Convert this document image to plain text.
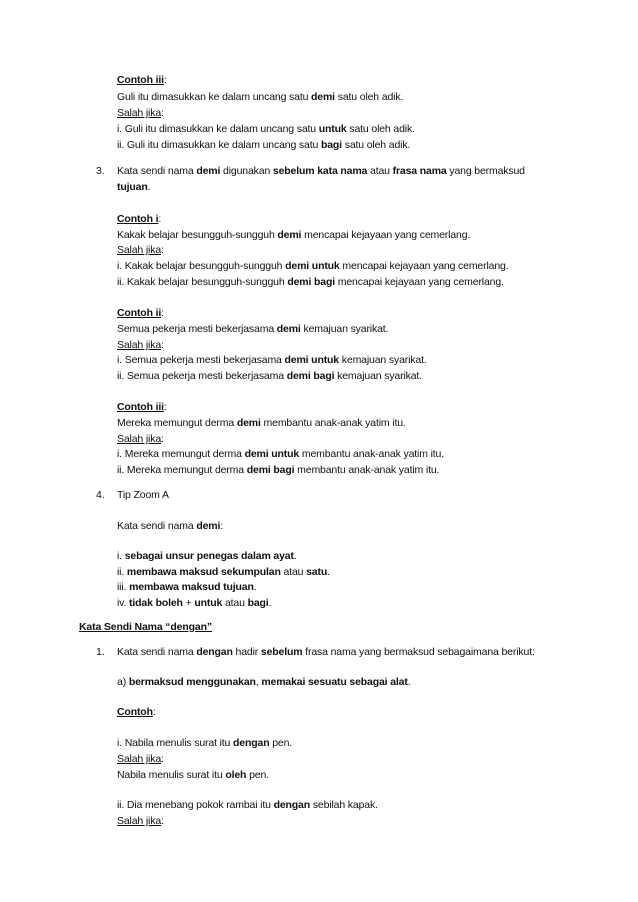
Contoh iii:
Guli itu dimasukkan ke dalam uncang satu demi satu oleh adik.
Salah jika:
i. Guli itu dimasukkan ke dalam uncang satu untuk satu oleh adik.
ii. Guli itu dimasukkan ke dalam uncang satu bagi satu oleh adik.
3. Kata sendi nama demi digunakan sebelum kata nama atau frasa nama yang bermaksud
tujuan.
Contoh i:
Kakak belajar besungguh-sungguh demi mencapai kejayaan yang cemerlang.
Salah jika:
i. Kakak belajar besungguh-sungguh demi untuk mencapai kejayaan yang cemerlang.
ii. Kakak belajar besungguh-sungguh demi bagi mencapai kejayaan yang cemerlang.
Contoh ii:
Semua pekerja mesti bekerjasama demi kemajuan syarikat.
Salah jika:
i. Semua pekerja mesti bekerjasama demi untuk kemajuan syarikat.
ii. Semua pekerja mesti bekerjasama demi bagi kemajuan syarikat.
Contoh iii:
Mereka memungut derma demi membantu anak-anak yatim itu.
Salah jika:
i. Mereka memungut derma demi untuk membantu anak-anak yatim itu.
ii. Mereka memungut derma demi bagi membantu anak-anak yatim itu.
4. Tip Zoom A
Kata sendi nama demi:
i. sebagai unsur penegas dalam ayat.
ii. membawa maksud sekumpulan atau satu.
iii. membawa maksud tujuan.
iv. tidak boleh + untuk atau bagi.
Kata Sendi Nama “dengan”
1. Kata sendi nama dengan hadir sebelum frasa nama yang bermaksud sebagaimana berikut:
a) bermaksud menggunakan, memakai sesuatu sebagai alat.
Contoh:
i. Nabila menulis surat itu dengan pen.
Salah jika:
Nabila menulis surat itu oleh pen.
ii. Dia menebang pokok rambai itu dengan sebilah kapak.
Salah jika:
